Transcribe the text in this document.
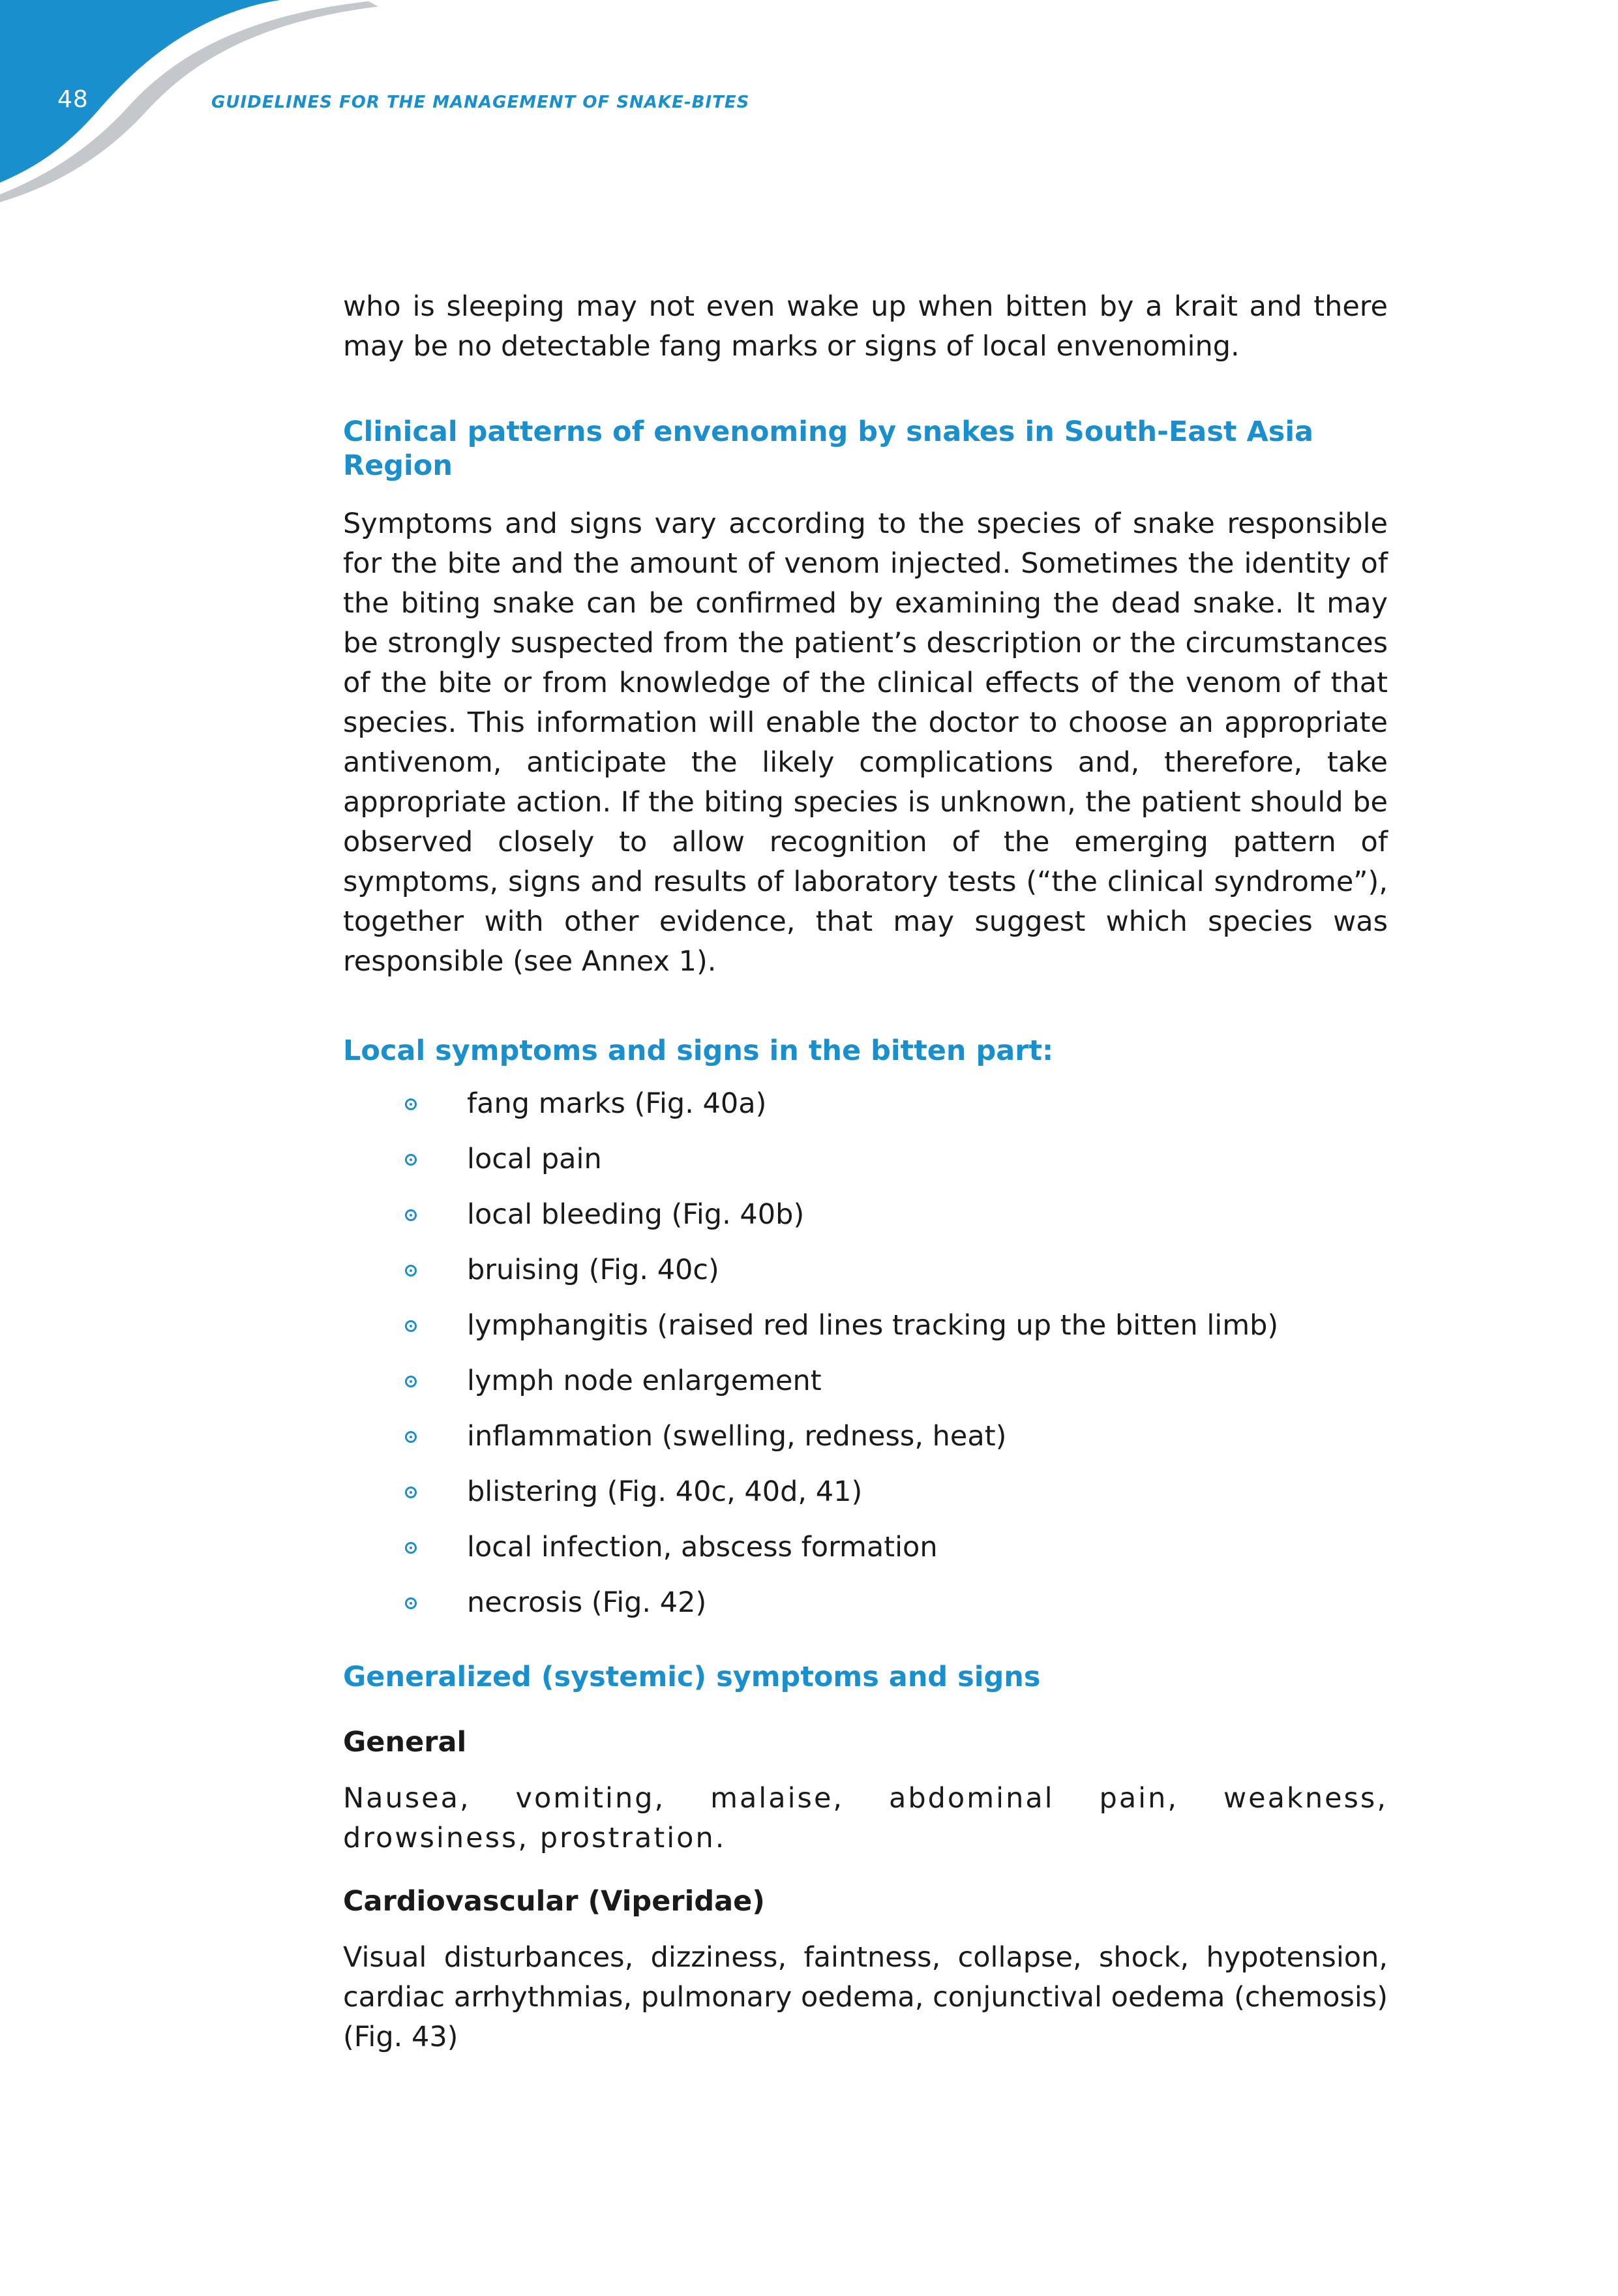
48	GUIDELINES FOR THE MANAGEMENT OF SNAKE-BITES

who is sleeping may not even wake up when bitten by a krait and there may be no detectable fang marks or signs of local envenoming.

Clinical patterns of envenoming by snakes in South-East Asia Region

Symptoms and signs vary according to the species of snake responsible for the bite and the amount of venom injected. Sometimes the identity of the biting snake can be confirmed by examining the dead snake. It may be strongly suspected from the patient’s description or the circumstances of the bite or from knowledge of the clinical effects of the venom of that species. This information will enable the doctor to choose an appropriate antivenom, anticipate the likely complications and, therefore, take appropriate action. If the biting species is unknown, the patient should be observed closely to allow recognition of the emerging pattern of symptoms, signs and results of laboratory tests (“the clinical syndrome”), together with other evidence, that may suggest which species was responsible (see Annex 1).

Local symptoms and signs in the bitten part:
fang marks (Fig. 40a)
local pain
local bleeding (Fig. 40b)
bruising (Fig. 40c)
lymphangitis (raised red lines tracking up the bitten limb)
lymph node enlargement
inflammation (swelling, redness, heat)
blistering (Fig. 40c, 40d, 41)
local infection, abscess formation
necrosis (Fig. 42)
Generalized (systemic) symptoms and signs
General

Nausea, vomiting, malaise, abdominal pain, weakness, drowsiness, prostration.

Cardiovascular (Viperidae)

Visual disturbances, dizziness, faintness, collapse, shock, hypotension, cardiac arrhythmias, pulmonary oedema, conjunctival oedema (chemosis) (Fig. 43)
